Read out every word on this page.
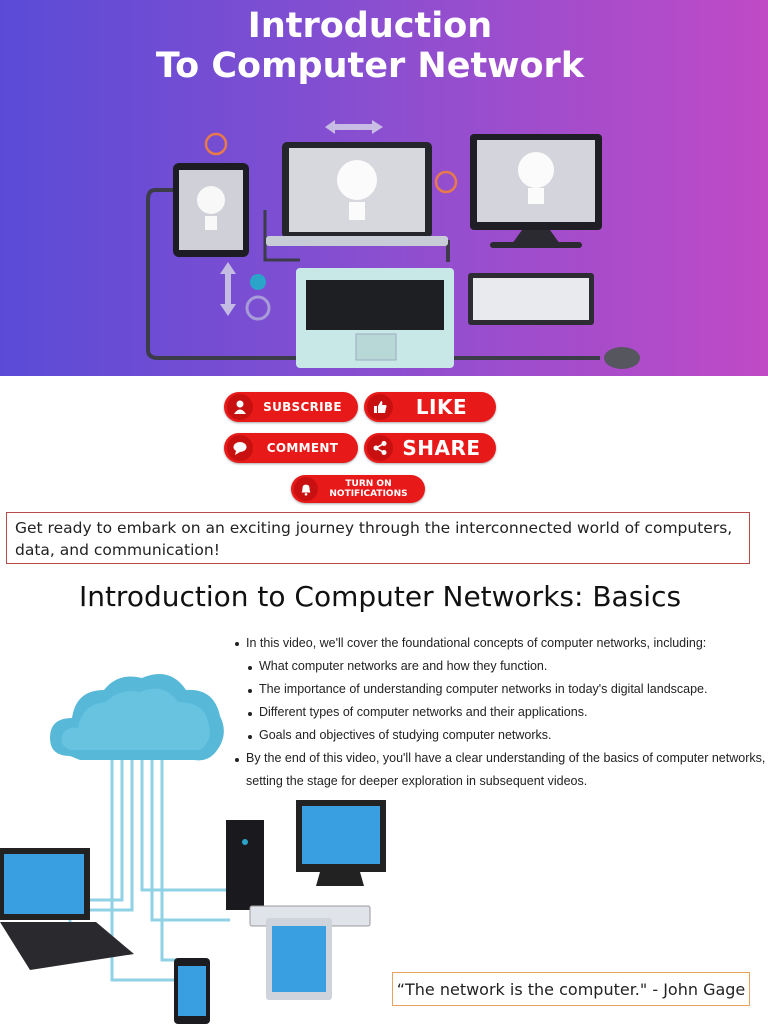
Introduction
To Computer Network
SUBSCRIBE	LIKE
COMMENT	SHARE
TURN ON
NOTIFICATIONS
Get ready to embark on an exciting journey through the interconnected world of computers,
data, and communication!
Introduction to Computer Networks: Basics
In this video, we'll cover the foundational concepts of computer networks, including:
What computer networks are and how they function.
The importance of understanding computer networks in today's digital landscape.
Different types of computer networks and their applications.
Goals and objectives of studying computer networks.
By the end of this video, you'll have a clear understanding of the basics of computer networks,
setting the stage for deeper exploration in subsequent videos.
“The network is the computer." - John Gage
